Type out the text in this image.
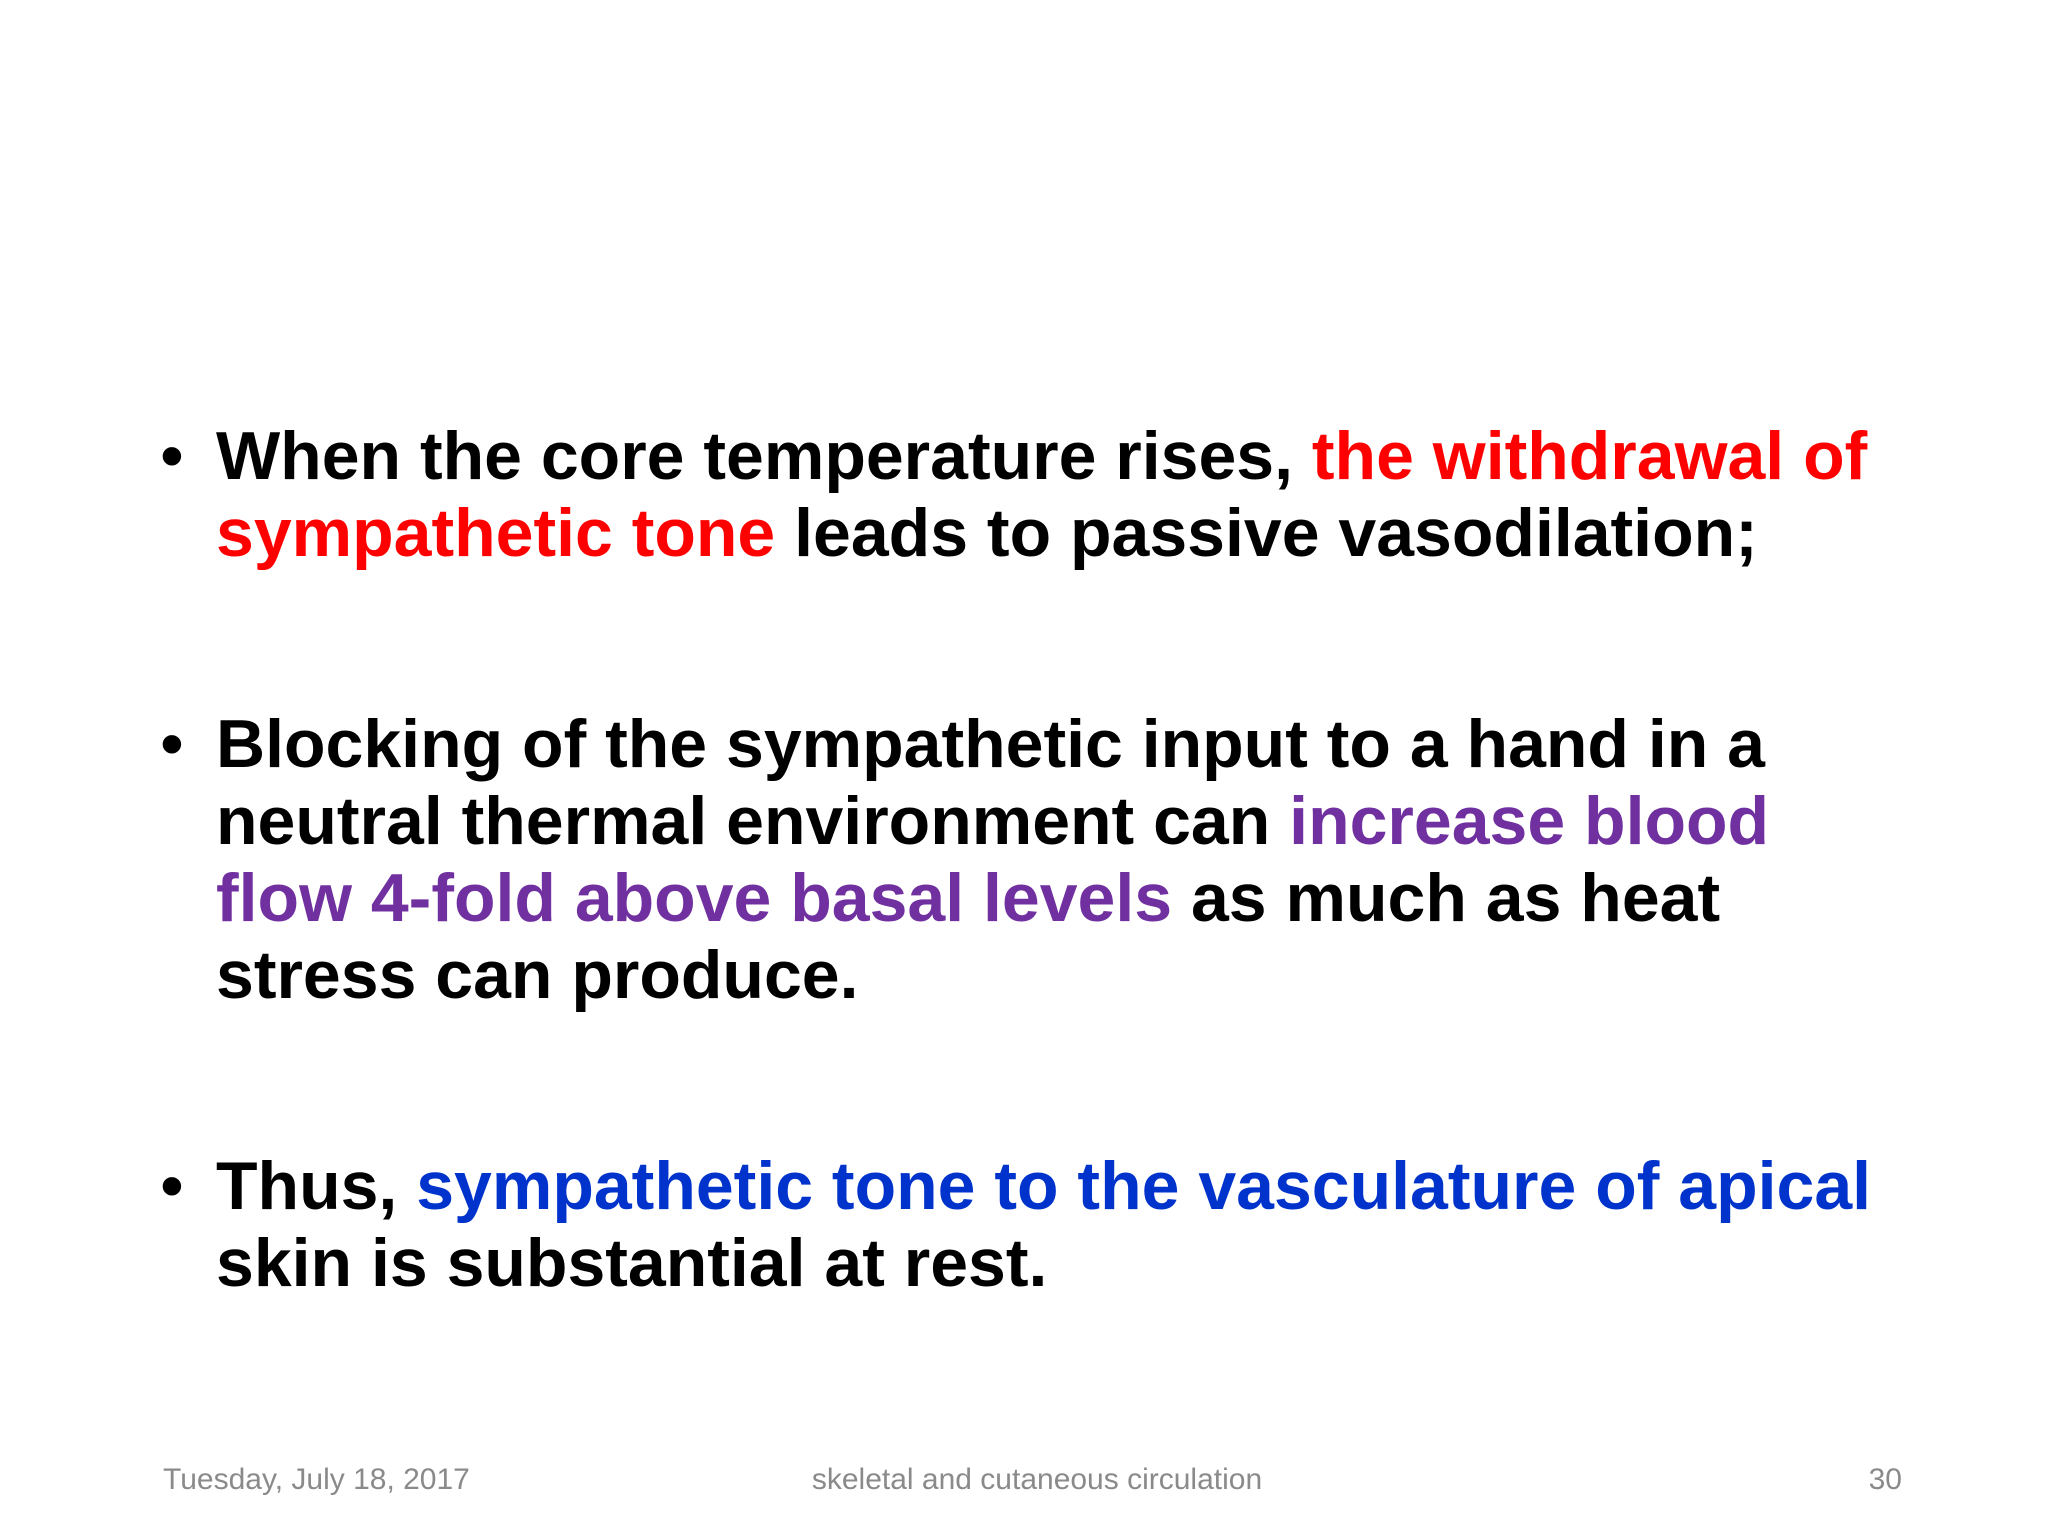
• When the core temperature rises, the withdrawal of sympathetic tone leads to passive vasodilation;
• Blocking of the sympathetic input to a hand in a neutral thermal environment can increase blood flow 4-fold above basal levels as much as heat stress can produce.
• Thus, sympathetic tone to the vasculature of apical skin is substantial at rest.
Tuesday, July 18, 2017	skeletal and cutaneous circulation	30
